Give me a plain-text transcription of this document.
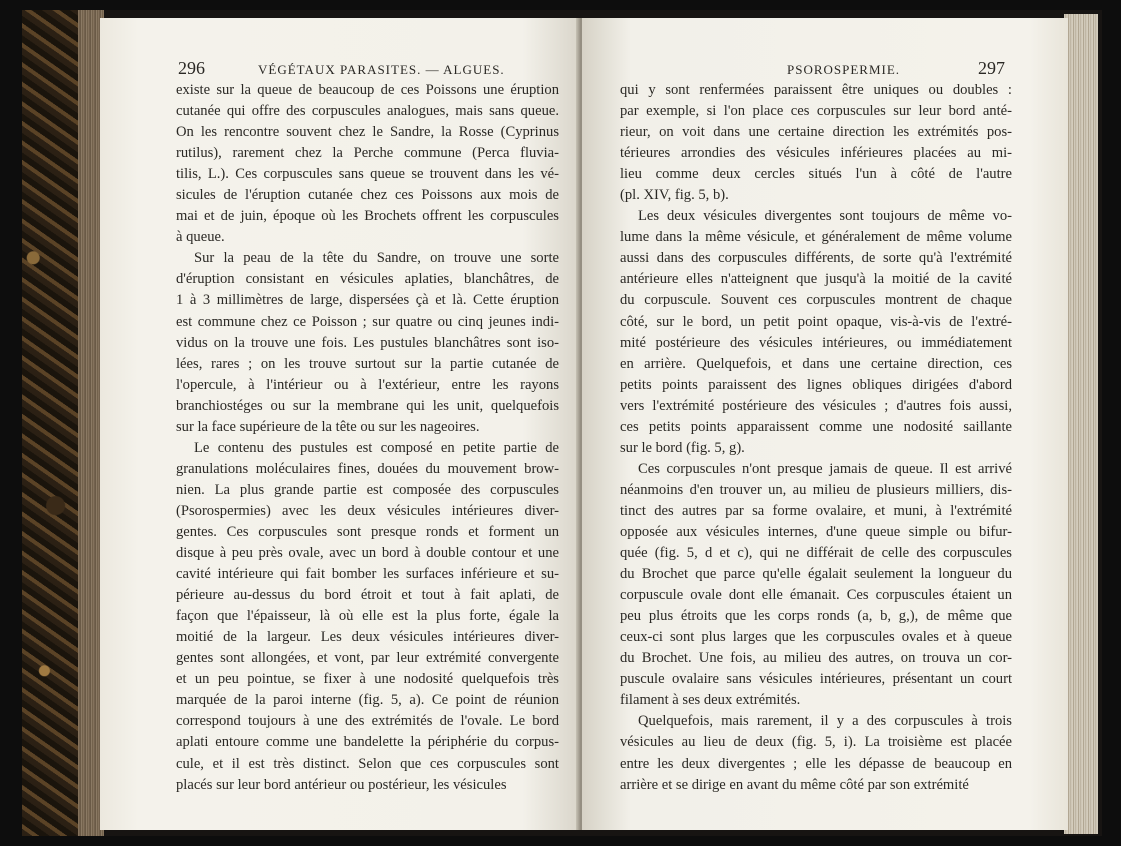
296	VÉGÉTAUX PARASITES. — ALGUES.
existe sur la queue de beaucoup de ces Poissons une éruption
cutanée qui offre des corpuscules analogues, mais sans queue.
On les rencontre souvent chez le Sandre, la Rosse (Cyprinus
rutilus), rarement chez la Perche commune (Perca fluvia-
tilis, L.). Ces corpuscules sans queue se trouvent dans les vé-
sicules de l'éruption cutanée chez ces Poissons aux mois de
mai et de juin, époque où les Brochets offrent les corpuscules
à queue.
Sur la peau de la tête du Sandre, on trouve une sorte
d'éruption consistant en vésicules aplaties, blanchâtres, de
1 à 3 millimètres de large, dispersées çà et là. Cette éruption
est commune chez ce Poisson ; sur quatre ou cinq jeunes indi-
vidus on la trouve une fois. Les pustules blanchâtres sont iso-
lées, rares ; on les trouve surtout sur la partie cutanée de
l'opercule, à l'intérieur ou à l'extérieur, entre les rayons
branchiostéges ou sur la membrane qui les unit, quelquefois
sur la face supérieure de la tête ou sur les nageoires.
Le contenu des pustules est composé en petite partie de
granulations moléculaires fines, douées du mouvement brow-
nien. La plus grande partie est composée des corpuscules
(Psorospermies) avec les deux vésicules intérieures diver-
gentes. Ces corpuscules sont presque ronds et forment un
disque à peu près ovale, avec un bord à double contour et une
cavité intérieure qui fait bomber les surfaces inférieure et su-
périeure au-dessus du bord étroit et tout à fait aplati, de
façon que l'épaisseur, là où elle est la plus forte, égale la
moitié de la largeur. Les deux vésicules intérieures diver-
gentes sont allongées, et vont, par leur extrémité convergente
et un peu pointue, se fixer à une nodosité quelquefois très
marquée de la paroi interne (fig. 5, a). Ce point de réunion
correspond toujours à une des extrémités de l'ovale. Le bord
aplati entoure comme une bandelette la périphérie du corpus-
cule, et il est très distinct. Selon que ces corpuscules sont
placés sur leur bord antérieur ou postérieur, les vésicules
PSOROSPERMIE.	297
qui y sont renfermées paraissent être uniques ou doubles :
par exemple, si l'on place ces corpuscules sur leur bord anté-
rieur, on voit dans une certaine direction les extrémités pos-
térieures arrondies des vésicules inférieures placées au mi-
lieu comme deux cercles situés l'un à côté de l'autre
(pl. XIV, fig. 5, b).
Les deux vésicules divergentes sont toujours de même vo-
lume dans la même vésicule, et généralement de même volume
aussi dans des corpuscules différents, de sorte qu'à l'extrémité
antérieure elles n'atteignent que jusqu'à la moitié de la cavité
du corpuscule. Souvent ces corpuscules montrent de chaque
côté, sur le bord, un petit point opaque, vis-à-vis de l'extré-
mité postérieure des vésicules intérieures, ou immédiatement
en arrière. Quelquefois, et dans une certaine direction, ces
petits points paraissent des lignes obliques dirigées d'abord
vers l'extrémité postérieure des vésicules ; d'autres fois aussi,
ces petits points apparaissent comme une nodosité saillante
sur le bord (fig. 5, g).
Ces corpuscules n'ont presque jamais de queue. Il est arrivé
néanmoins d'en trouver un, au milieu de plusieurs milliers, dis-
tinct des autres par sa forme ovalaire, et muni, à l'extrémité
opposée aux vésicules internes, d'une queue simple ou bifur-
quée (fig. 5, d et c), qui ne différait de celle des corpuscules
du Brochet que parce qu'elle égalait seulement la longueur du
corpuscule ovale dont elle émanait. Ces corpuscules étaient un
peu plus étroits que les corps ronds (a, b, g,), de même que
ceux-ci sont plus larges que les corpuscules ovales et à queue
du Brochet. Une fois, au milieu des autres, on trouva un cor-
puscule ovalaire sans vésicules intérieures, présentant un court
filament à ses deux extrémités.
Quelquefois, mais rarement, il y a des corpuscules à trois
vésicules au lieu de deux (fig. 5, i). La troisième est placée
entre les deux divergentes ; elle les dépasse de beaucoup en
arrière et se dirige en avant du même côté par son extrémité
